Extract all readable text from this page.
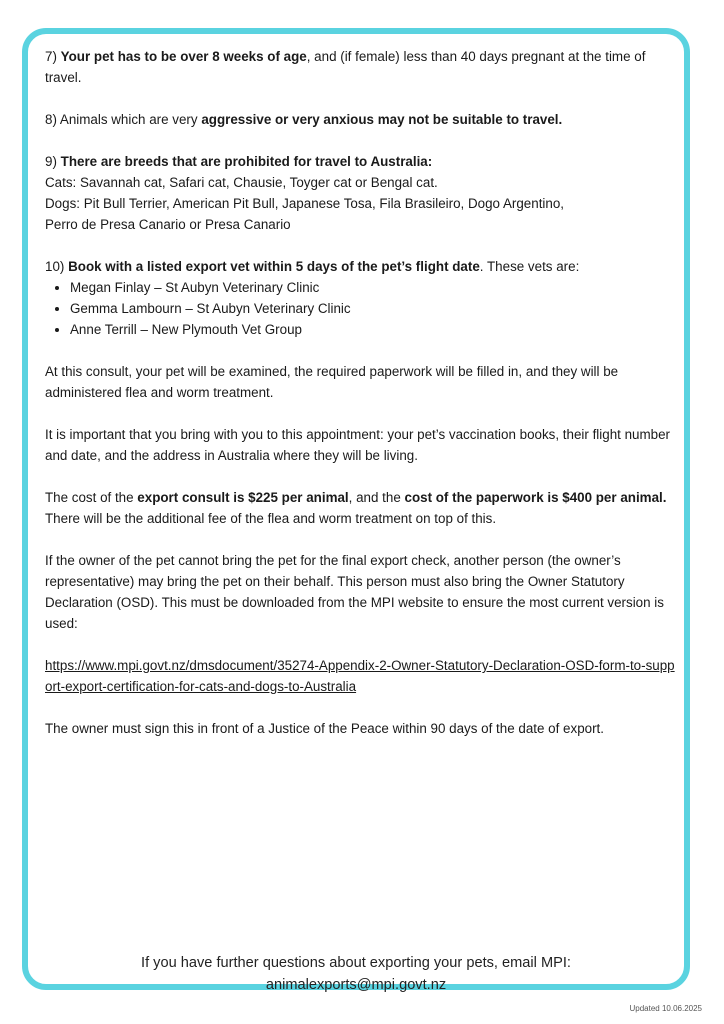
7) Your pet has to be over 8 weeks of age, and (if female) less than 40 days pregnant at the time of travel.

8) Animals which are very aggressive or very anxious may not be suitable to travel.

9) There are breeds that are prohibited for travel to Australia:
Cats: Savannah cat, Safari cat, Chausie, Toyger cat or Bengal cat.
Dogs: Pit Bull Terrier, American Pit Bull, Japanese Tosa, Fila Brasileiro, Dogo Argentino, Perro de Presa Canario or Presa Canario

10) Book with a listed export vet within 5 days of the pet’s flight date. These vets are:
• Megan Finlay – St Aubyn Veterinary Clinic
• Gemma Lambourn – St Aubyn Veterinary Clinic
• Anne Terrill – New Plymouth Vet Group

At this consult, your pet will be examined, the required paperwork will be filled in, and they will be administered flea and worm treatment.

It is important that you bring with you to this appointment: your pet’s vaccination books, their flight number and date, and the address in Australia where they will be living.

The cost of the export consult is $225 per animal, and the cost of the paperwork is $400 per animal. There will be the additional fee of the flea and worm treatment on top of this.

If the owner of the pet cannot bring the pet for the final export check, another person (the owner’s representative) may bring the pet on their behalf. This person must also bring the Owner Statutory Declaration (OSD). This must be downloaded from the MPI website to ensure the most current version is used:

https://www.mpi.govt.nz/dmsdocument/35274-Appendix-2-Owner-Statutory-Declaration-OSD-form-to-support-export-certification-for-cats-and-dogs-to-Australia

The owner must sign this in front of a Justice of the Peace within 90 days of the date of export.

If you have further questions about exporting your pets, email MPI:
animalexports@mpi.govt.nz
Updated 10.06.2025
